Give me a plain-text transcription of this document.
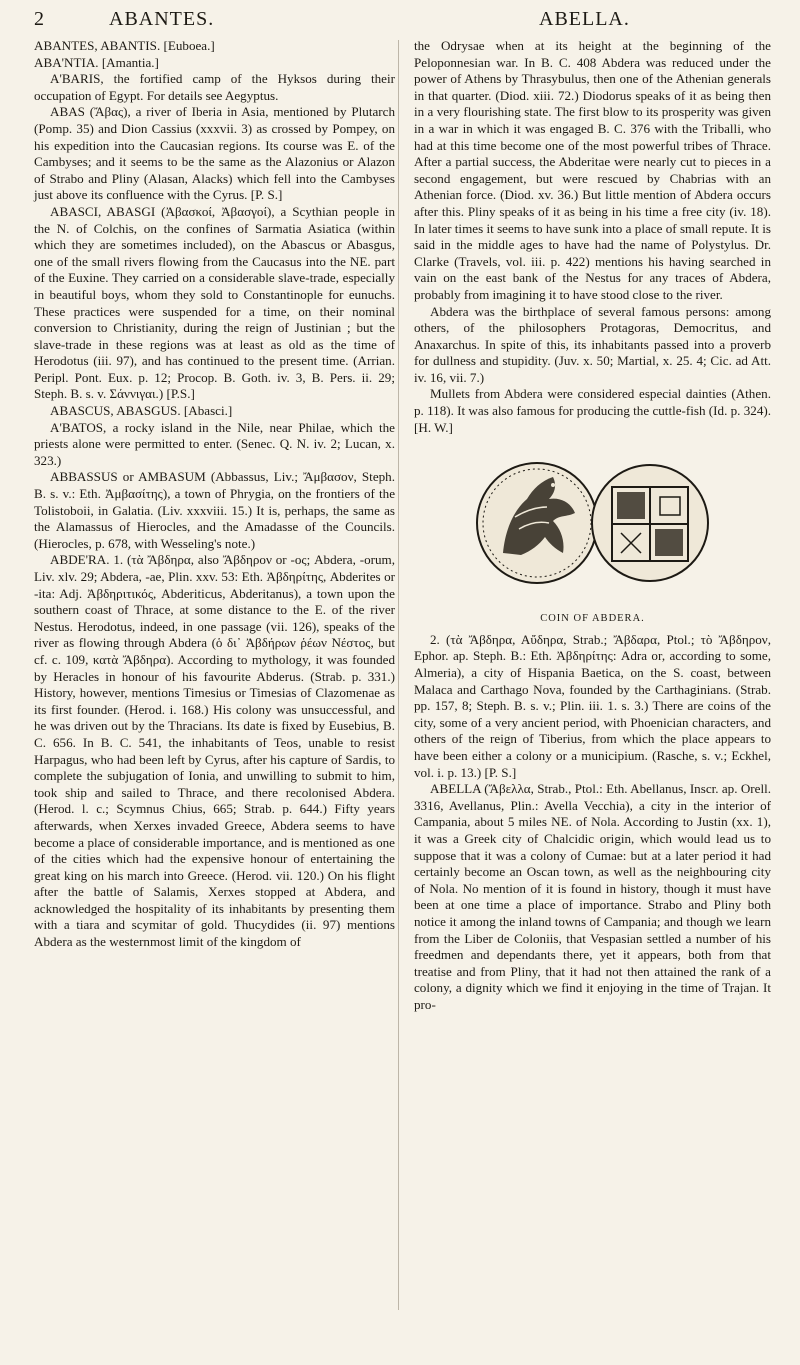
2	ABANTES.	ABELLA.

ABANTES, ABANTIS. [Euboea.]

ABA'NTIA. [Amantia.]

A'BARIS, the fortified camp of the Hyksos during their occupation of Egypt. For details see Aegyptus.

ABAS (Ἄβας), a river of Iberia in Asia, mentioned by Plutarch (Pomp. 35) and Dion Cassius (xxxvii. 3) as crossed by Pompey, on his expedition into the Caucasian regions. Its course was E. of the Cambyses; and it seems to be the same as the Alazonius or Alazon of Strabo and Pliny (Alasan, Alacks) which fell into the Cambyses just above its confluence with the Cyrus. [P. S.]

ABASCI, ABASGI (Ἀβασκοί, Ἀβασγοί), a Scythian people in the N. of Colchis, on the confines of Sarmatia Asiatica (within which they are sometimes included), on the Abascus or Abasgus, one of the small rivers flowing from the Caucasus into the NE. part of the Euxine. They carried on a considerable slave-trade, especially in beautiful boys, whom they sold to Constantinople for eunuchs. These practices were suspended for a time, on their nominal conversion to Christianity, during the reign of Justinian ; but the slave-trade in these regions was at least as old as the time of Herodotus (iii. 97), and has continued to the present time. (Arrian. Peripl. Pont. Eux. p. 12; Procop. B. Goth. iv. 3, B. Pers. ii. 29; Steph. B. s. v. Σάννιγαι.) [P.S.]

ABASCUS, ABASGUS. [Abasci.]

A'BATOS, a rocky island in the Nile, near Philae, which the priests alone were permitted to enter. (Senec. Q. N. iv. 2; Lucan, x. 323.)

ABBASSUS or AMBASUM (Abbassus, Liv.; Ἄμβασον, Steph. B. s. v.: Eth. Ἀμβασίτης), a town of Phrygia, on the frontiers of the Tolistoboii, in Galatia. (Liv. xxxviii. 15.) It is, perhaps, the same as the Alamassus of Hierocles, and the Amadasse of the Councils. (Hierocles, p. 678, with Wesseling's note.)

ABDE'RA. 1. (τὰ Ἄβδηρα, also Ἄβδηρον or -ος; Abdera, -orum, Liv. xlv. 29; Abdera, -ae, Plin. xxv. 53: Eth. Ἀβδηρίτης, Abderites or -ita: Adj. Ἀβδηριτικός, Abderiticus, Abderitanus), a town upon the southern coast of Thrace, at some distance to the E. of the river Nestus. Herodotus, indeed, in one passage (vii. 126), speaks of the river as flowing through Abdera (ὁ δι᾽ Ἀβδήρων ῥέων Νέστος, but cf. c. 109, κατὰ Ἄβδηρα). According to mythology, it was founded by Heracles in honour of his favourite Abderus. (Strab. p. 331.) History, however, mentions Timesius or Timesias of Clazomenae as its first founder. (Herod. i. 168.) His colony was unsuccessful, and he was driven out by the Thracians. Its date is fixed by Eusebius, B. C. 656. In B. C. 541, the inhabitants of Teos, unable to resist Harpagus, who had been left by Cyrus, after his capture of Sardis, to complete the subjugation of Ionia, and unwilling to submit to him, took ship and sailed to Thrace, and there recolonised Abdera. (Herod. l. c.; Scymnus Chius, 665; Strab. p. 644.) Fifty years afterwards, when Xerxes invaded Greece, Abdera seems to have become a place of considerable importance, and is mentioned as one of the cities which had the expensive honour of entertaining the great king on his march into Greece. (Herod. vii. 120.) On his flight after the battle of Salamis, Xerxes stopped at Abdera, and acknowledged the hospitality of its inhabitants by presenting them with a tiara and scymitar of gold. Thucydides (ii. 97) mentions Abdera as the westernmost limit of the kingdom of

the Odrysae when at its height at the beginning of the Peloponnesian war. In B. C. 408 Abdera was reduced under the power of Athens by Thrasybulus, then one of the Athenian generals in that quarter. (Diod. xiii. 72.) Diodorus speaks of it as being then in a very flourishing state. The first blow to its prosperity was given in a war in which it was engaged B. C. 376 with the Triballi, who had at this time become one of the most powerful tribes of Thrace. After a partial success, the Abderitae were nearly cut to pieces in a second engagement, but were rescued by Chabrias with an Athenian force. (Diod. xv. 36.) But little mention of Abdera occurs after this. Pliny speaks of it as being in his time a free city (iv. 18). In later times it seems to have sunk into a place of small repute. It is said in the middle ages to have had the name of Polystylus. Dr. Clarke (Travels, vol. iii. p. 422) mentions his having searched in vain on the east bank of the Nestus for any traces of Abdera, probably from imagining it to have stood close to the river.

Abdera was the birthplace of several famous persons: among others, of the philosophers Protagoras, Democritus, and Anaxarchus. In spite of this, its inhabitants passed into a proverb for dullness and stupidity. (Juv. x. 50; Martial, x. 25. 4; Cic. ad Att. iv. 16, vii. 7.)

Mullets from Abdera were considered especial dainties (Athen. p. 118). It was also famous for producing the cuttle-fish (Id. p. 324). [H. W.]

COIN OF ABDERA.

2. (τὰ Ἄβδηρα, Αὔδηρα, Strab.; Ἄβδαρα, Ptol.; τὸ Ἄβδηρον, Ephor. ap. Steph. B.: Eth. Ἀβδηρίτης: Adra or, according to some, Almeria), a city of Hispania Baetica, on the S. coast, between Malaca and Carthago Nova, founded by the Carthaginians. (Strab. pp. 157, 8; Steph. B. s. v.; Plin. iii. 1. s. 3.) There are coins of the city, some of a very ancient period, with Phoenician characters, and others of the reign of Tiberius, from which the place appears to have been either a colony or a municipium. (Rasche, s. v.; Eckhel, vol. i. p. 13.) [P. S.]

ABELLA (Ἄβελλα, Strab., Ptol.: Eth. Abellanus, Inscr. ap. Orell. 3316, Avellanus, Plin.: Avella Vecchia), a city in the interior of Campania, about 5 miles NE. of Nola. According to Justin (xx. 1), it was a Greek city of Chalcidic origin, which would lead us to suppose that it was a colony of Cumae: but at a later period it had certainly become an Oscan town, as well as the neighbouring city of Nola. No mention of it is found in history, though it must have been at one time a place of importance. Strabo and Pliny both notice it among the inland towns of Campania; and though we learn from the Liber de Coloniis, that Vespasian settled a number of his freedmen and dependants there, yet it appears, both from that treatise and from Pliny, that it had not then attained the rank of a colony, a dignity which we find it enjoying in the time of Trajan. It pro-
